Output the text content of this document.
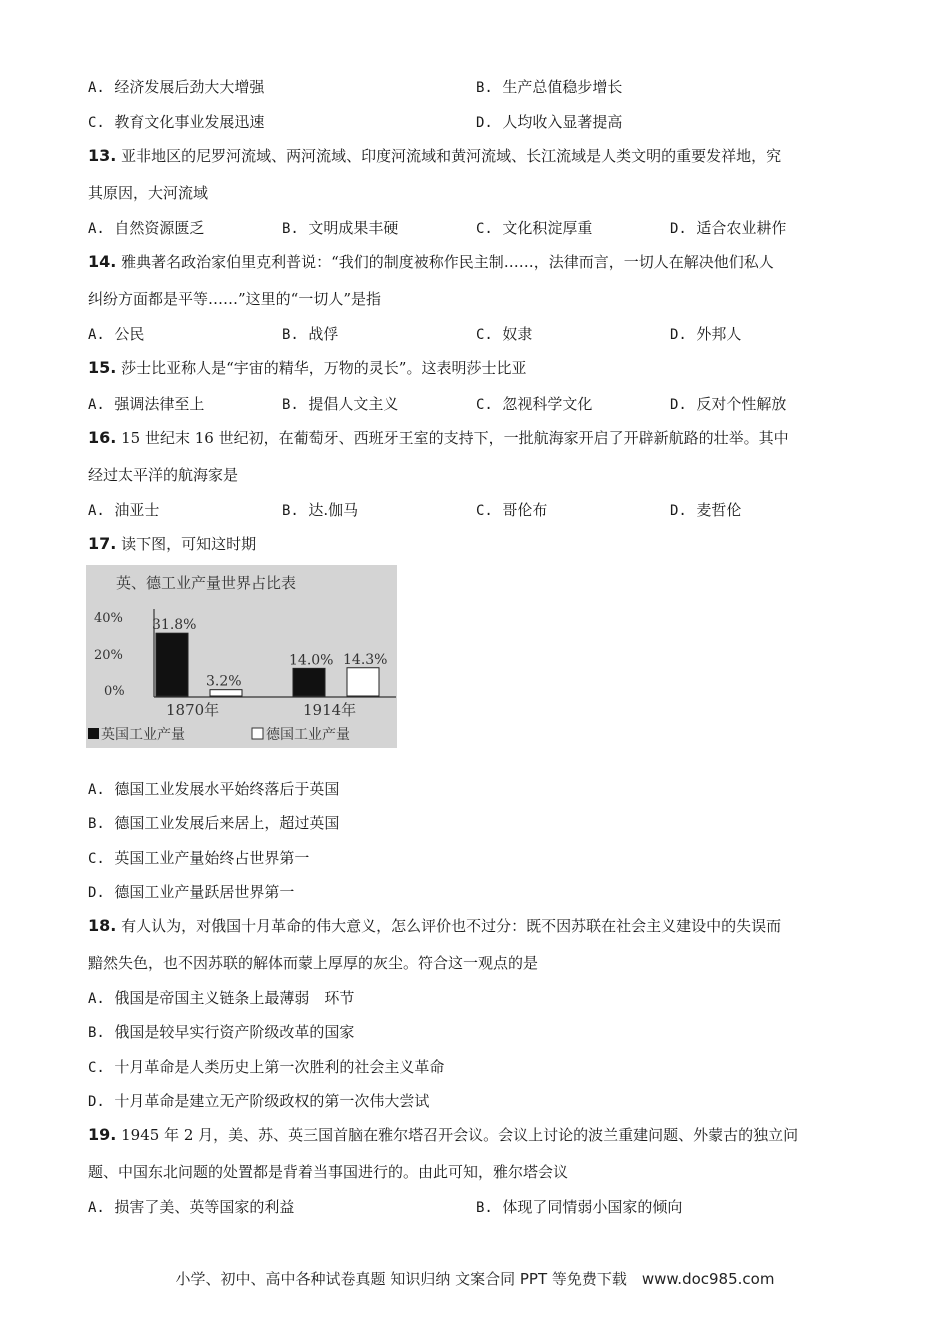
A. 经济发展后劲大大增强	B. 生产总值稳步增长
C. 教育文化事业发展迅速	D. 人均收入显著提高
13. 亚非地区的尼罗河流域、两河流域、印度河流域和黄河流域、长江流域是人类文明的重要发祥地，究
其原因，大河流域
A. 自然资源匮乏	B. 文明成果丰硬	C. 文化积淀厚重	D. 适合农业耕作
14. 雅典著名政治家伯里克利普说：“我们的制度被称作民主制……，法律而言，一切人在解决他们私人
纠纷方面都是平等……”这里的“一切人”是指
A. 公民	B. 战俘	C. 奴隶	D. 外邦人
15. 莎士比亚称人是“宇宙的精华，万物的灵长”。这表明莎士比亚
A. 强调法律至上	B. 提倡人文主义	C. 忽视科学文化	D. 反对个性解放
16. 15 世纪末 16 世纪初，在葡萄牙、西班牙王室的支持下，一批航海家开启了开辟新航路的壮举。其中
经过太平洋的航海家是
A. 油亚士	B. 达.伽马	C. 哥伦布	D. 麦哲伦
17. 读下图，可知这时期
英、德工业产量世界占比表
40%
20%
0%
31.8%
3.2%
14.0% 14.3%
1870年	1914年
英国工业产量	德国工业产量
A. 德国工业发展水平始终落后于英国
B. 德国工业发展后来居上，超过英国
C. 英国工业产量始终占世界第一
D. 德国工业产量跃居世界第一
18. 有人认为，对俄国十月革命的伟大意义，怎么评价也不过分：既不因苏联在社会主义建设中的失误而
黯然失色，也不因苏联的解体而蒙上厚厚的灰尘。符合这一观点的是
A. 俄国是帝国主义链条上最薄弱　环节
B. 俄国是较早实行资产阶级改革的国家
C. 十月革命是人类历史上第一次胜利的社会主义革命
D. 十月革命是建立无产阶级政权的第一次伟大尝试
19. 1945 年 2 月，美、苏、英三国首脑在雅尔塔召开会议。会议上讨论的波兰重建问题、外蒙古的独立问
题、中国东北问题的处置都是背着当事国进行的。由此可知，雅尔塔会议
A. 损害了美、英等国家的利益	B. 体现了同情弱小国家的倾向
小学、初中、高中各种试卷真题 知识归纳 文案合同 PPT 等免费下载　www.doc985.com
